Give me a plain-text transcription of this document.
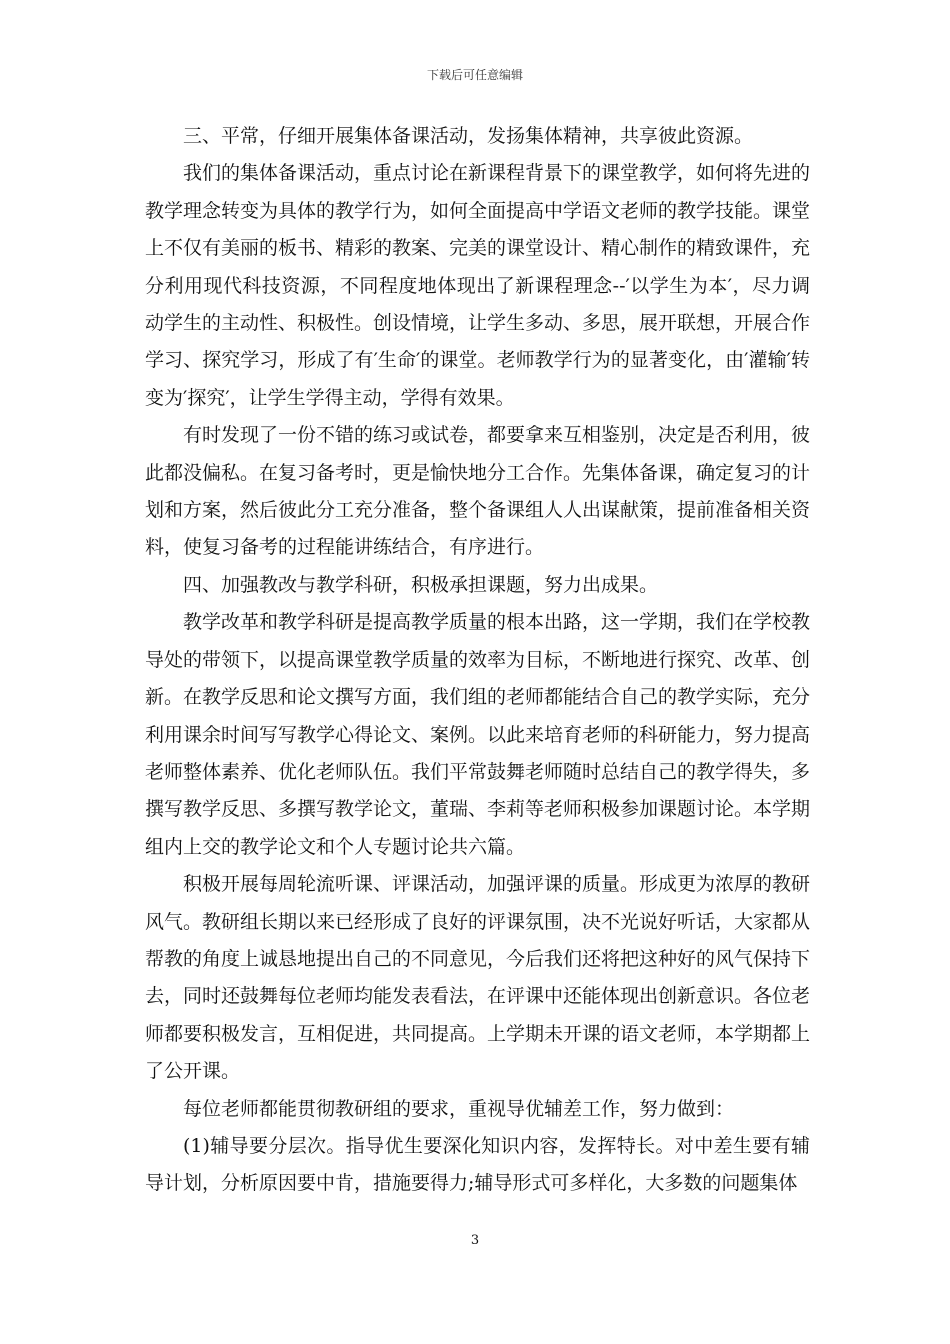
下载后可任意编辑

三、平常，仔细开展集体备课活动，发扬集体精神，共享彼此资源。

我们的集体备课活动，重点讨论在新课程背景下的课堂教学，如何将先进的教学理念转变为具体的教学行为，如何全面提高中学语文老师的教学技能。课堂上不仅有美丽的板书、精彩的教案、完美的课堂设计、精心制作的精致课件，充分利用现代科技资源，不同程度地体现出了新课程理念--′以学生为本′，尽力调动学生的主动性、积极性。创设情境，让学生多动、多思，展开联想，开展合作学习、探究学习，形成了有′生命′的课堂。老师教学行为的显著变化，由′灌输′转变为′探究′，让学生学得主动，学得有效果。

有时发现了一份不错的练习或试卷，都要拿来互相鉴别，决定是否利用，彼此都没偏私。在复习备考时，更是愉快地分工合作。先集体备课，确定复习的计划和方案，然后彼此分工充分准备，整个备课组人人出谋献策，提前准备相关资料，使复习备考的过程能讲练结合，有序进行。

四、加强教改与教学科研，积极承担课题，努力出成果。

教学改革和教学科研是提高教学质量的根本出路，这一学期，我们在学校教导处的带领下，以提高课堂教学质量的效率为目标，不断地进行探究、改革、创新。在教学反思和论文撰写方面，我们组的老师都能结合自己的教学实际，充分利用课余时间写写教学心得论文、案例。以此来培育老师的科研能力，努力提高老师整体素养、优化老师队伍。我们平常鼓舞老师随时总结自己的教学得失，多撰写教学反思、多撰写教学论文，董瑞、李莉等老师积极参加课题讨论。本学期组内上交的教学论文和个人专题讨论共六篇。

积极开展每周轮流听课、评课活动，加强评课的质量。形成更为浓厚的教研风气。教研组长期以来已经形成了良好的评课氛围，决不光说好听话，大家都从帮教的角度上诚恳地提出自己的不同意见，今后我们还将把这种好的风气保持下去，同时还鼓舞每位老师均能发表看法，在评课中还能体现出创新意识。各位老师都要积极发言，互相促进，共同提高。上学期未开课的语文老师，本学期都上了公开课。

每位老师都能贯彻教研组的要求，重视导优辅差工作，努力做到：

(1)辅导要分层次。指导优生要深化知识内容，发挥特长。对中差生要有辅导计划，分析原因要中肯，措施要得力;辅导形式可多样化，大多数的问题集体

3
